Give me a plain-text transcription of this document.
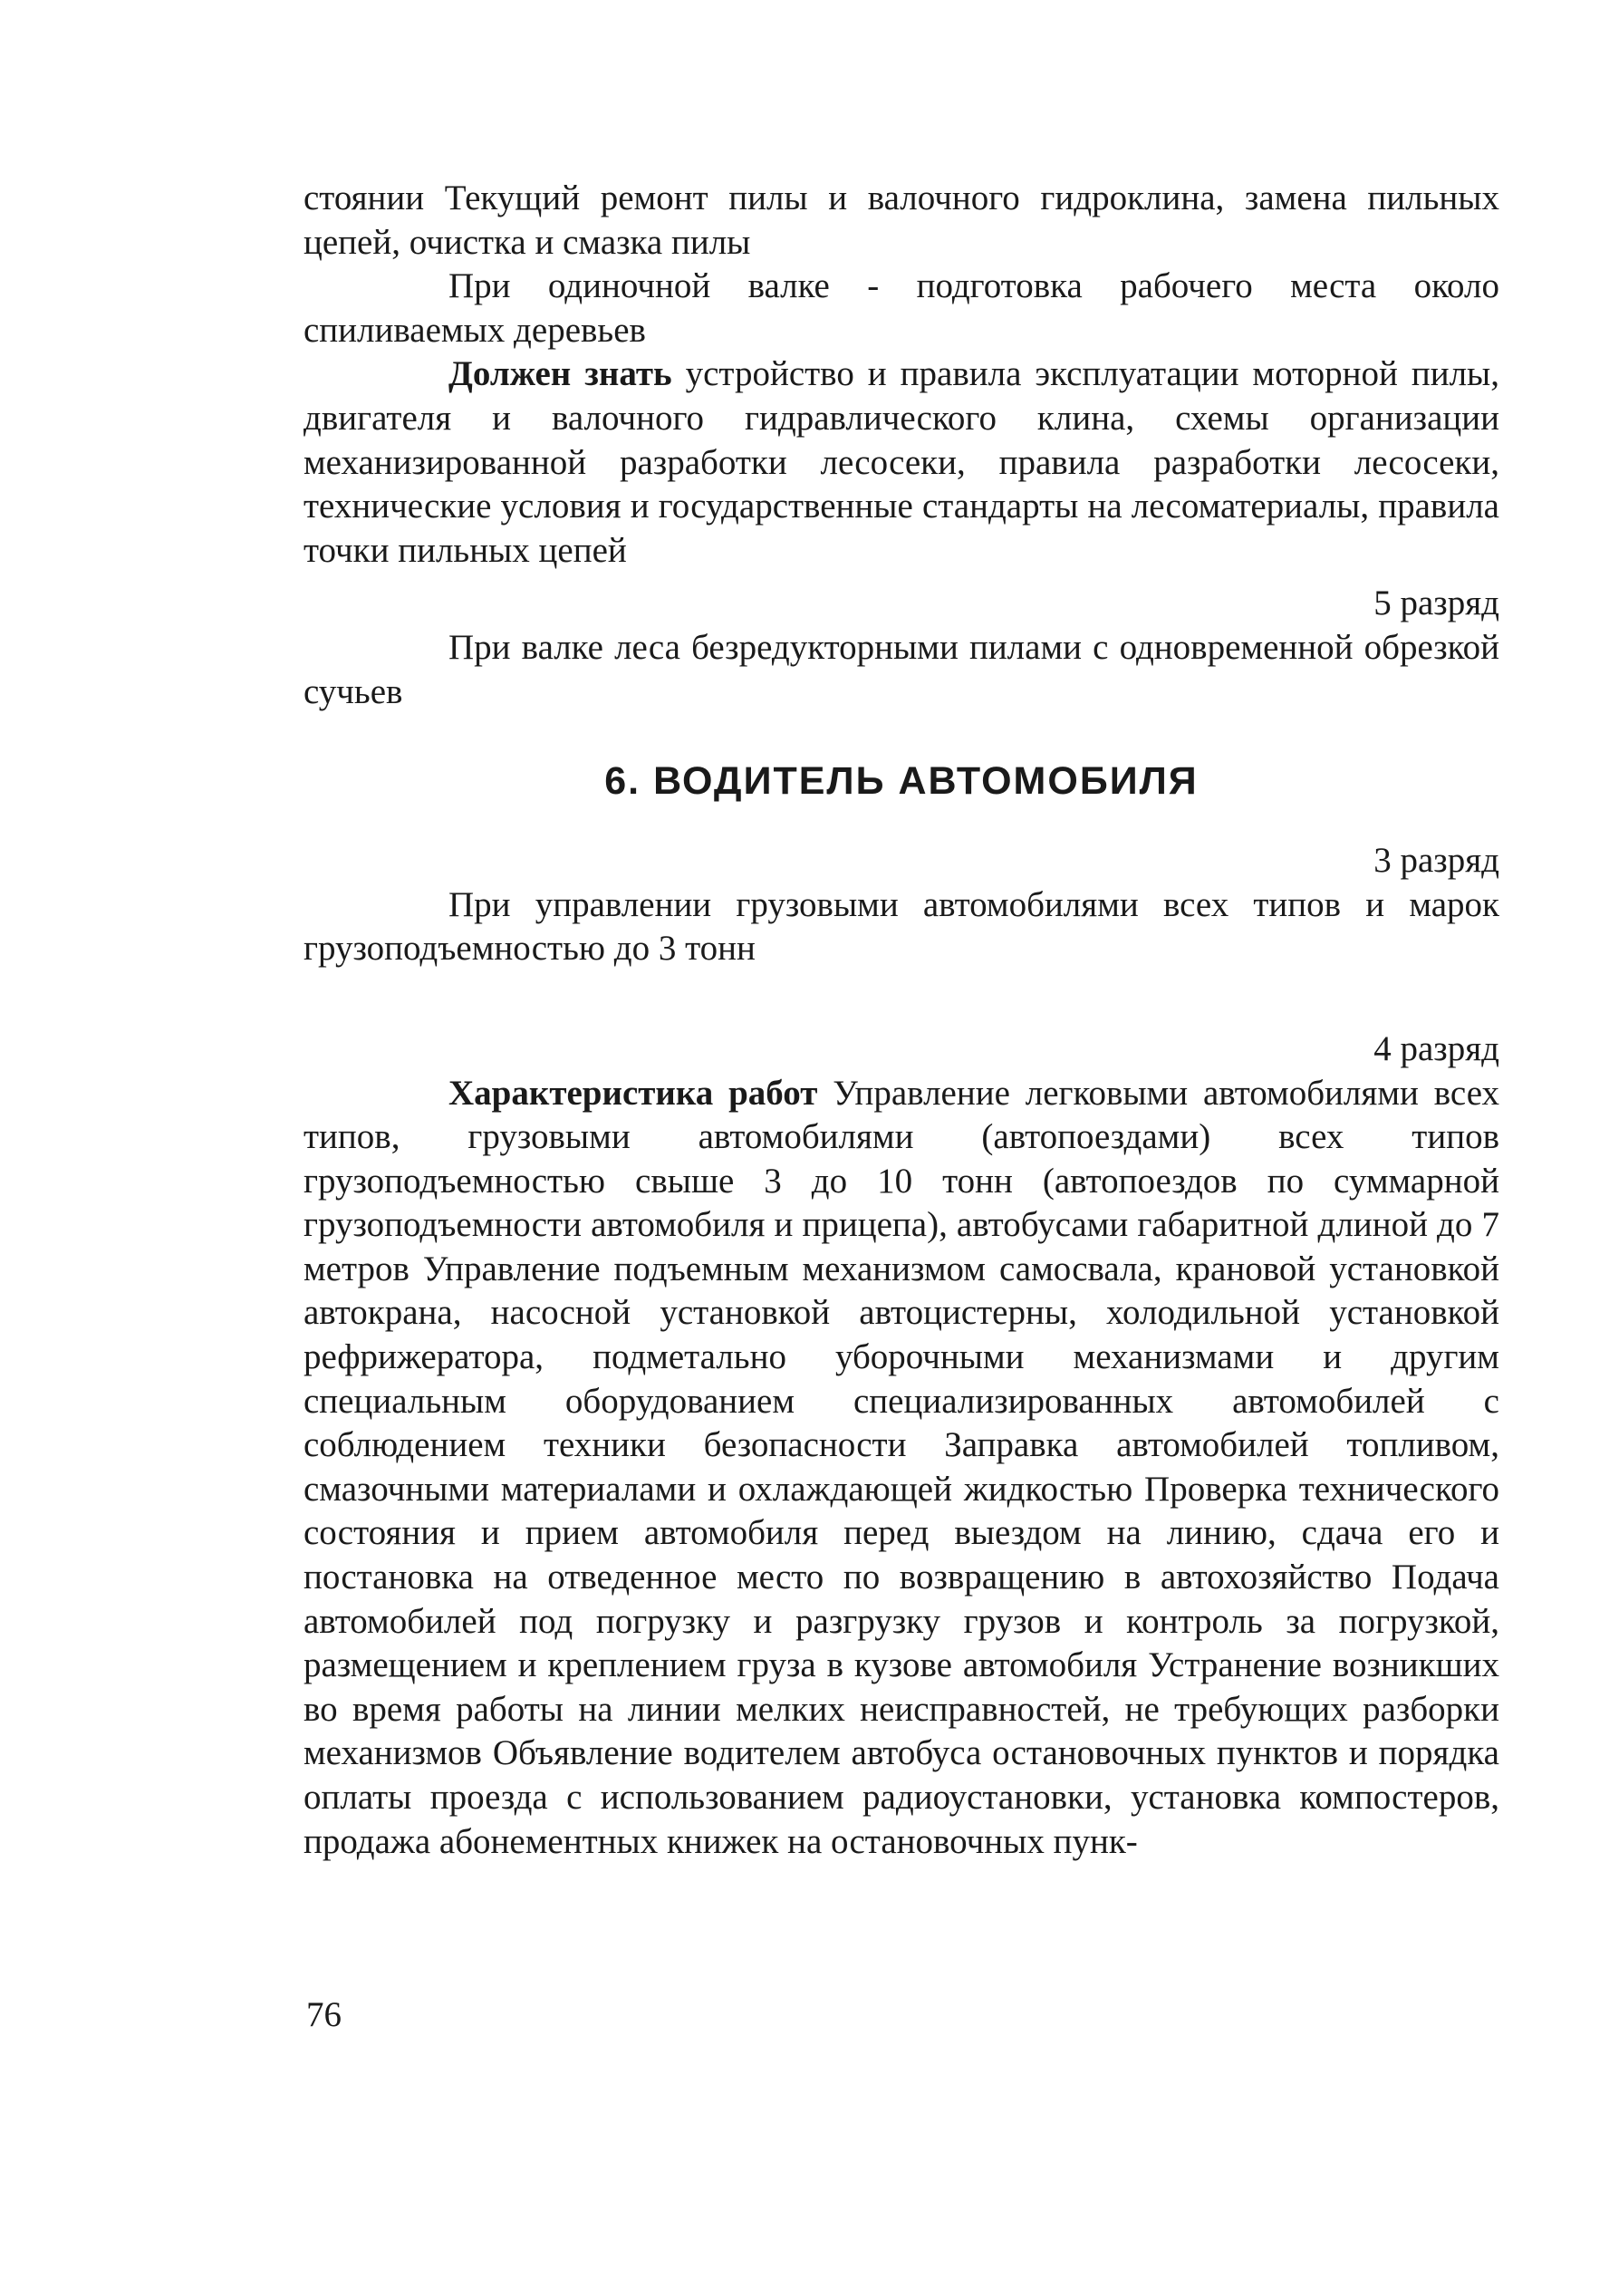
стоянии Текущий ремонт пилы и валочного гидроклина, замена пильных цепей, очистка и смазка пилы

При одиночной валке - подготовка рабочего места около спиливаемых деревьев

Должен знать устройство и правила эксплуатации моторной пилы, двигателя и валочного гидравлического клина, схемы организации механизированной разработки лесосеки, правила разработки лесосеки, технические условия и государственные стандарты на лесоматериалы, правила точки пильных цепей

5 разряд

При валке леса безредукторными пилами с одновременной обрезкой сучьев

6. ВОДИТЕЛЬ АВТОМОБИЛЯ

3 разряд

При управлении грузовыми автомобилями всех типов и марок грузоподъемностью до 3 тонн

4 разряд

Характеристика работ Управление легковыми автомобилями всех типов, грузовыми автомобилями (автопоездами) всех типов грузоподъемностью свыше 3 до 10 тонн (автопоездов по суммарной грузоподъемности автомобиля и прицепа), автобусами габаритной длиной до 7 метров Управление подъемным механизмом самосвала, крановой установкой автокрана, насосной установкой автоцистерны, холодильной установкой рефрижератора, подметально уборочными механизмами и другим специальным оборудованием специализированных автомобилей с соблюдением техники безопасности Заправка автомобилей топливом, смазочными материалами и охлаждающей жидкостью Проверка технического состояния и прием автомобиля перед выездом на линию, сдача его и постановка на отведенное место по возвращению в автохозяйство Подача автомобилей под погрузку и разгрузку грузов и контроль за погрузкой, размещением и креплением груза в кузове автомобиля Устранение возникших во время работы на линии мелких неисправностей, не требующих разборки механизмов Объявление водителем автобуса остановочных пунктов и порядка оплаты проезда с использованием радиоустановки, установка компостеров, продажа абонементных книжек на остановочных пунк-

76
